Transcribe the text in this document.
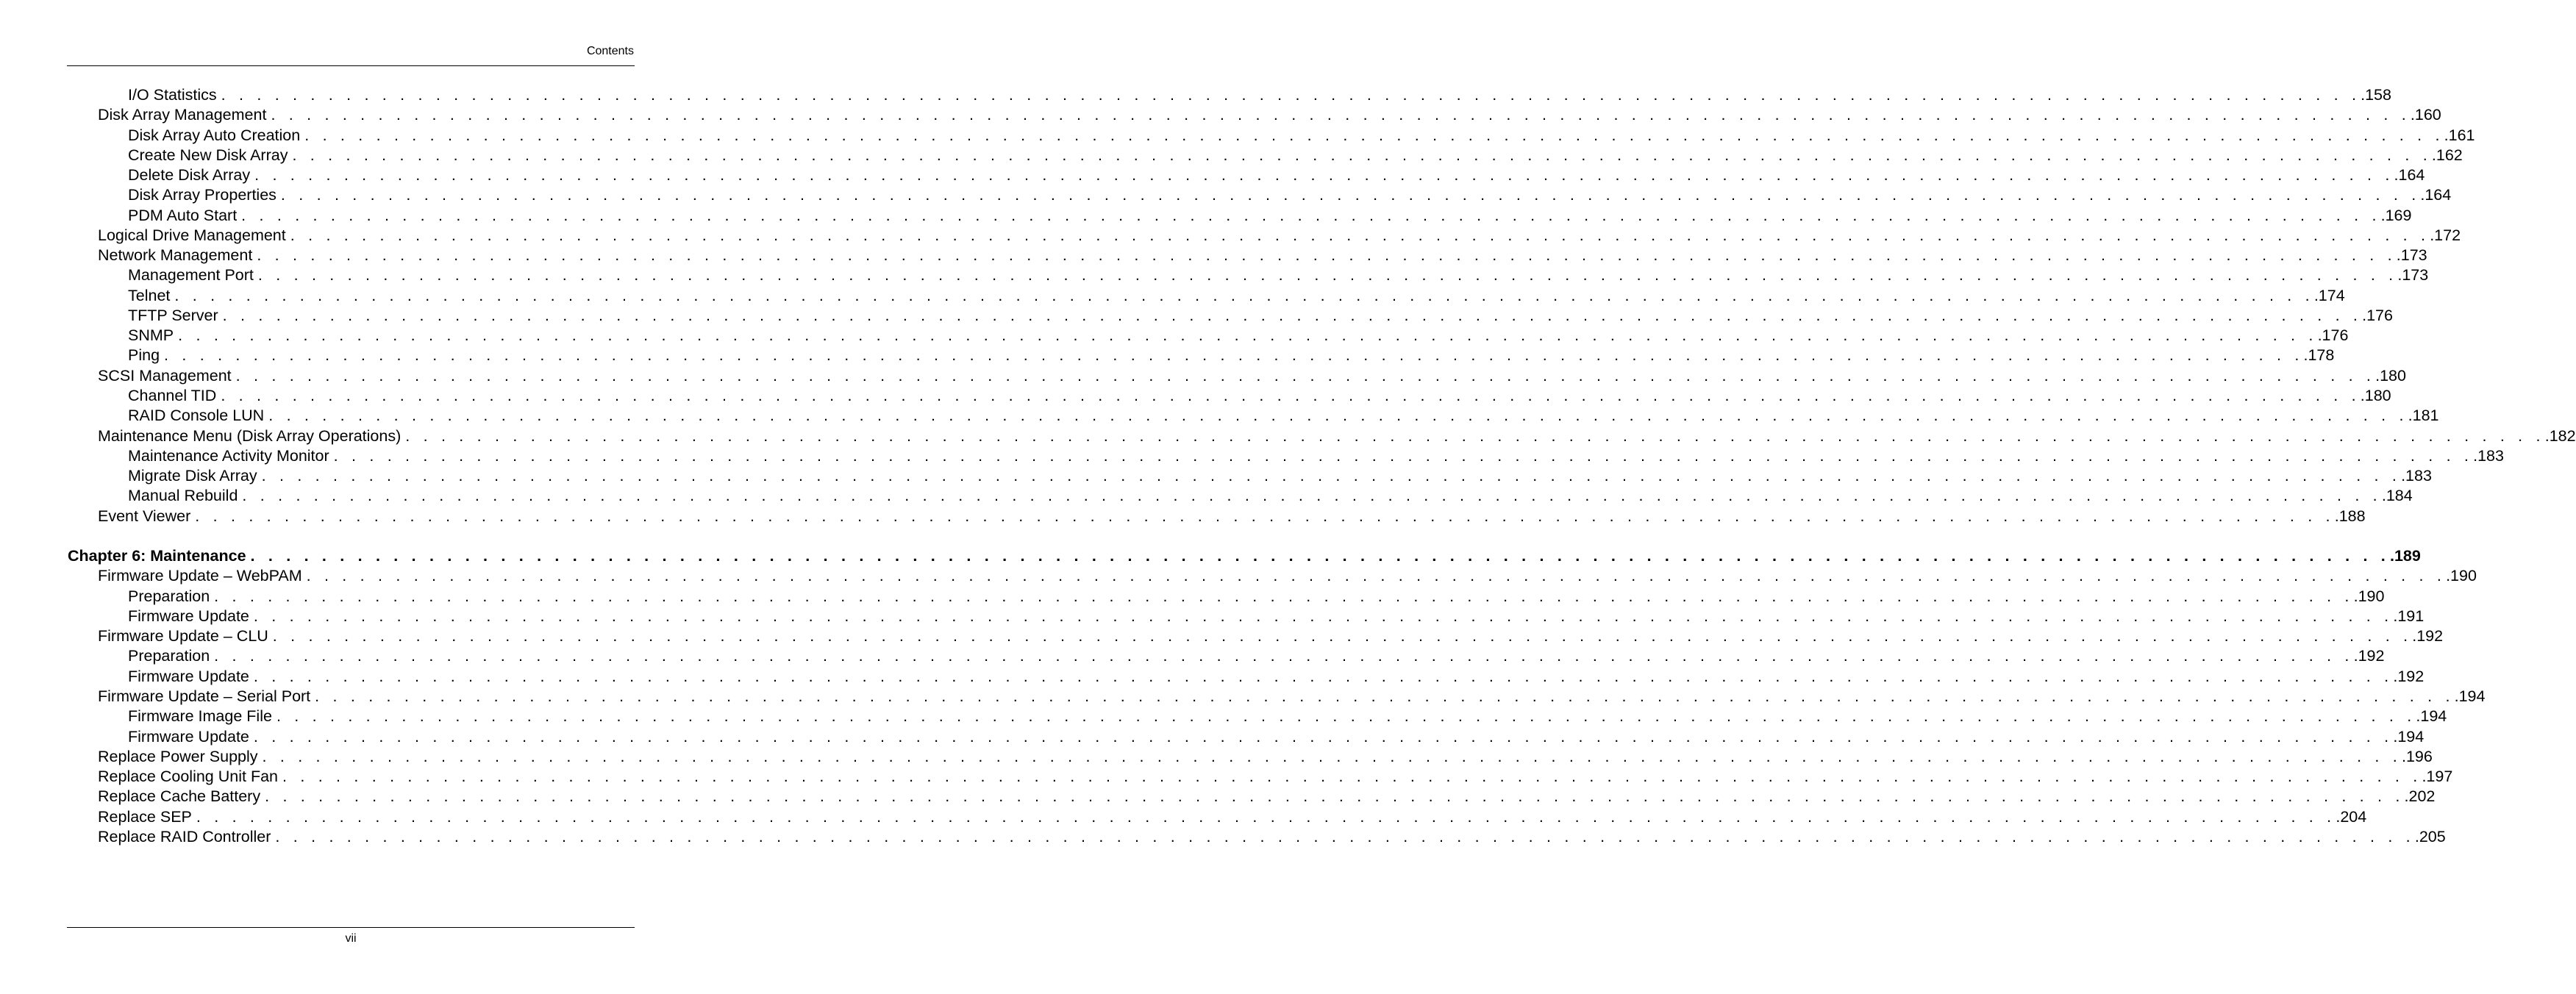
Contents
I/O Statistics . . . . . . . . . . . . . . . . . . . . . . . . . . . . . . . . . . . . . . . . . . . . . . . . . . . . . . . . . . . . . . . . . . . . . . . . . . . . . . . . . . . . . . . . . . . . . . . . . . . . . . . . . . . . . . . . . . . . . . . . .158
Disk Array Management . . . . . . . . . . . . . . . . . . . . . . . . . . . . . . . . . . . . . . . . . . . . . . . . . . . . . . . . . . . . . . . . . . . . . . . . . . . . . . . . . . . . . . . . . . . . . . . . . . . . . . . . . . . . . . . . . . . . . . . . .160
Disk Array Auto Creation . . . . . . . . . . . . . . . . . . . . . . . . . . . . . . . . . . . . . . . . . . . . . . . . . . . . . . . . . . . . . . . . . . . . . . . . . . . . . . . . . . . . . . . . . . . . . . . . . . . . . . . . . . . . . . . . . . . . . . . . .161
Create New Disk Array . . . . . . . . . . . . . . . . . . . . . . . . . . . . . . . . . . . . . . . . . . . . . . . . . . . . . . . . . . . . . . . . . . . . . . . . . . . . . . . . . . . . . . . . . . . . . . . . . . . . . . . . . . . . . . . . . . . . . . . . .162
Delete Disk Array . . . . . . . . . . . . . . . . . . . . . . . . . . . . . . . . . . . . . . . . . . . . . . . . . . . . . . . . . . . . . . . . . . . . . . . . . . . . . . . . . . . . . . . . . . . . . . . . . . . . . . . . . . . . . . . . . . . . . . . . .164
Disk Array Properties . . . . . . . . . . . . . . . . . . . . . . . . . . . . . . . . . . . . . . . . . . . . . . . . . . . . . . . . . . . . . . . . . . . . . . . . . . . . . . . . . . . . . . . . . . . . . . . . . . . . . . . . . . . . . . . . . . . . . . . . .164
PDM Auto Start . . . . . . . . . . . . . . . . . . . . . . . . . . . . . . . . . . . . . . . . . . . . . . . . . . . . . . . . . . . . . . . . . . . . . . . . . . . . . . . . . . . . . . . . . . . . . . . . . . . . . . . . . . . . . . . . . . . . . . . . .169
Logical Drive Management . . . . . . . . . . . . . . . . . . . . . . . . . . . . . . . . . . . . . . . . . . . . . . . . . . . . . . . . . . . . . . . . . . . . . . . . . . . . . . . . . . . . . . . . . . . . . . . . . . . . . . . . . . . . . . . . . . . . . . . . .172
Network Management . . . . . . . . . . . . . . . . . . . . . . . . . . . . . . . . . . . . . . . . . . . . . . . . . . . . . . . . . . . . . . . . . . . . . . . . . . . . . . . . . . . . . . . . . . . . . . . . . . . . . . . . . . . . . . . . . . . . . . . . .173
Management Port . . . . . . . . . . . . . . . . . . . . . . . . . . . . . . . . . . . . . . . . . . . . . . . . . . . . . . . . . . . . . . . . . . . . . . . . . . . . . . . . . . . . . . . . . . . . . . . . . . . . . . . . . . . . . . . . . . . . . . . . .173
Telnet . . . . . . . . . . . . . . . . . . . . . . . . . . . . . . . . . . . . . . . . . . . . . . . . . . . . . . . . . . . . . . . . . . . . . . . . . . . . . . . . . . . . . . . . . . . . . . . . . . . . . . . . . . . . . . . . . . . . . . . . .174
TFTP Server . . . . . . . . . . . . . . . . . . . . . . . . . . . . . . . . . . . . . . . . . . . . . . . . . . . . . . . . . . . . . . . . . . . . . . . . . . . . . . . . . . . . . . . . . . . . . . . . . . . . . . . . . . . . . . . . . . . . . . . . .176
SNMP . . . . . . . . . . . . . . . . . . . . . . . . . . . . . . . . . . . . . . . . . . . . . . . . . . . . . . . . . . . . . . . . . . . . . . . . . . . . . . . . . . . . . . . . . . . . . . . . . . . . . . . . . . . . . . . . . . . . . . . . .176
Ping . . . . . . . . . . . . . . . . . . . . . . . . . . . . . . . . . . . . . . . . . . . . . . . . . . . . . . . . . . . . . . . . . . . . . . . . . . . . . . . . . . . . . . . . . . . . . . . . . . . . . . . . . . . . . . . . . . . . . . . . .178
SCSI Management . . . . . . . . . . . . . . . . . . . . . . . . . . . . . . . . . . . . . . . . . . . . . . . . . . . . . . . . . . . . . . . . . . . . . . . . . . . . . . . . . . . . . . . . . . . . . . . . . . . . . . . . . . . . . . . . . . . . . . . . .180
Channel TID . . . . . . . . . . . . . . . . . . . . . . . . . . . . . . . . . . . . . . . . . . . . . . . . . . . . . . . . . . . . . . . . . . . . . . . . . . . . . . . . . . . . . . . . . . . . . . . . . . . . . . . . . . . . . . . . . . . . . . . . .180
RAID Console LUN . . . . . . . . . . . . . . . . . . . . . . . . . . . . . . . . . . . . . . . . . . . . . . . . . . . . . . . . . . . . . . . . . . . . . . . . . . . . . . . . . . . . . . . . . . . . . . . . . . . . . . . . . . . . . . . . . . . . . . . . .181
Maintenance Menu (Disk Array Operations) . . . . . . . . . . . . . . . . . . . . . . . . . . . . . . . . . . . . . . . . . . . . . . . . . . . . . . . . . . . . . . . . . . . . . . . . . . . . . . . . . . . . . . . . . . . . . . . . . . . . . . . . . . . . . . . . . . . . . . . . .182
Maintenance Activity Monitor . . . . . . . . . . . . . . . . . . . . . . . . . . . . . . . . . . . . . . . . . . . . . . . . . . . . . . . . . . . . . . . . . . . . . . . . . . . . . . . . . . . . . . . . . . . . . . . . . . . . . . . . . . . . . . . . . . . . . . . . .183
Migrate Disk Array . . . . . . . . . . . . . . . . . . . . . . . . . . . . . . . . . . . . . . . . . . . . . . . . . . . . . . . . . . . . . . . . . . . . . . . . . . . . . . . . . . . . . . . . . . . . . . . . . . . . . . . . . . . . . . . . . . . . . . . . .183
Manual Rebuild . . . . . . . . . . . . . . . . . . . . . . . . . . . . . . . . . . . . . . . . . . . . . . . . . . . . . . . . . . . . . . . . . . . . . . . . . . . . . . . . . . . . . . . . . . . . . . . . . . . . . . . . . . . . . . . . . . . . . . . . .184
Event Viewer . . . . . . . . . . . . . . . . . . . . . . . . . . . . . . . . . . . . . . . . . . . . . . . . . . . . . . . . . . . . . . . . . . . . . . . . . . . . . . . . . . . . . . . . . . . . . . . . . . . . . . . . . . . . . . . . . . . . . . . . .188
Chapter 6: Maintenance . . . . . . . . . . . . . . . . . . . . . . . . . . . . . . . . . . . . . . . . . . . . . . . . . . . . . . . . . . . . . . . . . . . . . . . . . . . . . . . . . . . . . . . . . . . . . . . . . . . . . . . . . . . . . . . . . . . . . . . . .189
Firmware Update – WebPAM . . . . . . . . . . . . . . . . . . . . . . . . . . . . . . . . . . . . . . . . . . . . . . . . . . . . . . . . . . . . . . . . . . . . . . . . . . . . . . . . . . . . . . . . . . . . . . . . . . . . . . . . . . . . . . . . . . . . . . . . .190
Preparation . . . . . . . . . . . . . . . . . . . . . . . . . . . . . . . . . . . . . . . . . . . . . . . . . . . . . . . . . . . . . . . . . . . . . . . . . . . . . . . . . . . . . . . . . . . . . . . . . . . . . . . . . . . . . . . . . . . . . . . . .190
Firmware Update . . . . . . . . . . . . . . . . . . . . . . . . . . . . . . . . . . . . . . . . . . . . . . . . . . . . . . . . . . . . . . . . . . . . . . . . . . . . . . . . . . . . . . . . . . . . . . . . . . . . . . . . . . . . . . . . . . . . . . . . .191
Firmware Update – CLU . . . . . . . . . . . . . . . . . . . . . . . . . . . . . . . . . . . . . . . . . . . . . . . . . . . . . . . . . . . . . . . . . . . . . . . . . . . . . . . . . . . . . . . . . . . . . . . . . . . . . . . . . . . . . . . . . . . . . . . . .192
Preparation . . . . . . . . . . . . . . . . . . . . . . . . . . . . . . . . . . . . . . . . . . . . . . . . . . . . . . . . . . . . . . . . . . . . . . . . . . . . . . . . . . . . . . . . . . . . . . . . . . . . . . . . . . . . . . . . . . . . . . . . .192
Firmware Update . . . . . . . . . . . . . . . . . . . . . . . . . . . . . . . . . . . . . . . . . . . . . . . . . . . . . . . . . . . . . . . . . . . . . . . . . . . . . . . . . . . . . . . . . . . . . . . . . . . . . . . . . . . . . . . . . . . . . . . . .192
Firmware Update – Serial Port . . . . . . . . . . . . . . . . . . . . . . . . . . . . . . . . . . . . . . . . . . . . . . . . . . . . . . . . . . . . . . . . . . . . . . . . . . . . . . . . . . . . . . . . . . . . . . . . . . . . . . . . . . . . . . . . . . . . . . . . .194
Firmware Image File . . . . . . . . . . . . . . . . . . . . . . . . . . . . . . . . . . . . . . . . . . . . . . . . . . . . . . . . . . . . . . . . . . . . . . . . . . . . . . . . . . . . . . . . . . . . . . . . . . . . . . . . . . . . . . . . . . . . . . . . .194
Firmware Update . . . . . . . . . . . . . . . . . . . . . . . . . . . . . . . . . . . . . . . . . . . . . . . . . . . . . . . . . . . . . . . . . . . . . . . . . . . . . . . . . . . . . . . . . . . . . . . . . . . . . . . . . . . . . . . . . . . . . . . . .194
Replace Power Supply . . . . . . . . . . . . . . . . . . . . . . . . . . . . . . . . . . . . . . . . . . . . . . . . . . . . . . . . . . . . . . . . . . . . . . . . . . . . . . . . . . . . . . . . . . . . . . . . . . . . . . . . . . . . . . . . . . . . . . . . .196
Replace Cooling Unit Fan . . . . . . . . . . . . . . . . . . . . . . . . . . . . . . . . . . . . . . . . . . . . . . . . . . . . . . . . . . . . . . . . . . . . . . . . . . . . . . . . . . . . . . . . . . . . . . . . . . . . . . . . . . . . . . . . . . . . . . . . .197
Replace Cache Battery . . . . . . . . . . . . . . . . . . . . . . . . . . . . . . . . . . . . . . . . . . . . . . . . . . . . . . . . . . . . . . . . . . . . . . . . . . . . . . . . . . . . . . . . . . . . . . . . . . . . . . . . . . . . . . . . . . . . . . . . .202
Replace SEP . . . . . . . . . . . . . . . . . . . . . . . . . . . . . . . . . . . . . . . . . . . . . . . . . . . . . . . . . . . . . . . . . . . . . . . . . . . . . . . . . . . . . . . . . . . . . . . . . . . . . . . . . . . . . . . . . . . . . . . . .204
Replace RAID Controller . . . . . . . . . . . . . . . . . . . . . . . . . . . . . . . . . . . . . . . . . . . . . . . . . . . . . . . . . . . . . . . . . . . . . . . . . . . . . . . . . . . . . . . . . . . . . . . . . . . . . . . . . . . . . . . . . . . . . . . . .205
vii
